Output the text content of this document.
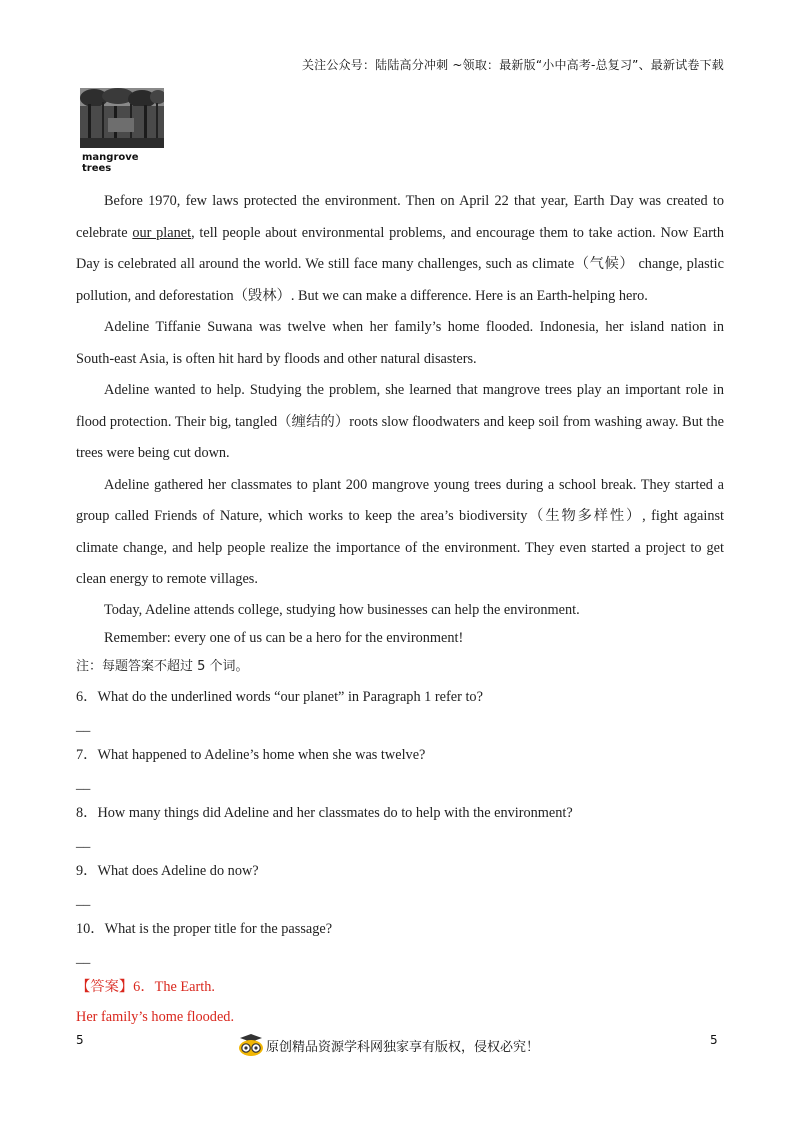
关注公众号：陆陆高分冲刺 ~领取：最新版“小中高考-总复习”、最新试卷下载
mangrove trees

Before 1970, few laws protected the environment. Then on April 22 that year, Earth Day was created to celebrate our planet, tell people about environmental problems, and encourage them to take action. Now Earth Day is celebrated all around the world. We still face many challenges, such as climate（气候） change, plastic pollution, and deforestation（毁林）. But we can make a difference. Here is an Earth-helping hero.

Adeline Tiffanie Suwana was twelve when her family’s home flooded. Indonesia, her island nation in South-east Asia, is often hit hard by floods and other natural disasters.

Adeline wanted to help. Studying the problem, she learned that mangrove trees play an important role in flood protection. Their big, tangled（缠结的）roots slow floodwaters and keep soil from washing away. But the trees were being cut down.

Adeline gathered her classmates to plant 200 mangrove young trees during a school break. They started a group called Friends of Nature, which works to keep the area’s biodiversity（生物多样性）, fight against climate change, and help people realize the importance of the environment. They even started a project to get clean energy to remote villages.

Today, Adeline attends college, studying how businesses can help the environment.

Remember: every one of us can be a hero for the environment!

注：每题答案不超过 5 个词。

6．What do the underlined words “our planet” in Paragraph 1 refer to?

__

7．What happened to Adeline’s home when she was twelve?

__

8．How many things did Adeline and her classmates do to help with the environment?

__

9．What does Adeline do now?

__

10．What is the proper title for the passage?

__

【答案】6．The Earth.

Her family’s home flooded.

5	原创精品资源学科网独家享有版权，侵权必究！	5
